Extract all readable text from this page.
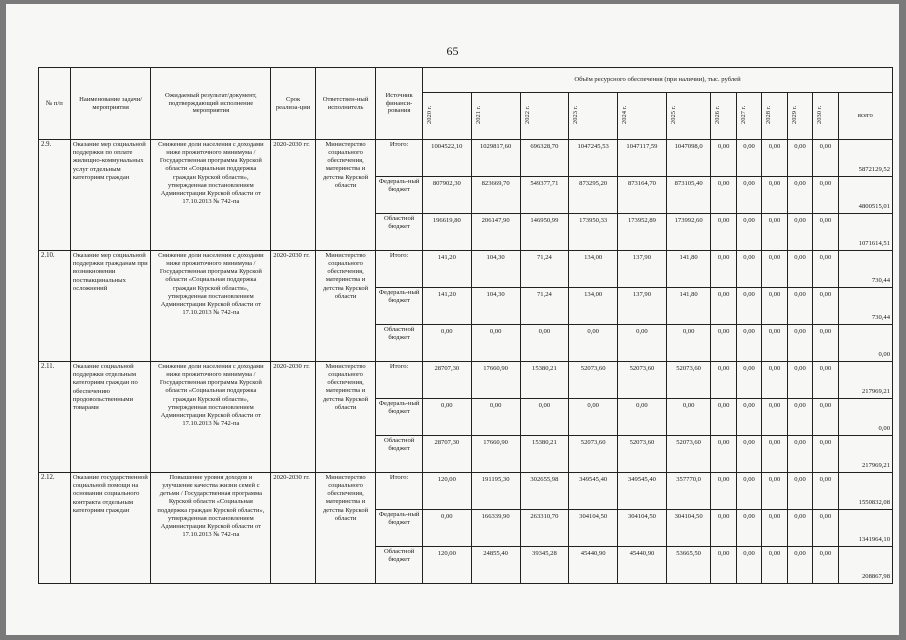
65
№ п/п	Наименование задачи/мероприятия	Ожидаемый результат/документ, подтверждающий исполнение мероприятия	Срок реализа-ции	Ответствен-ный исполнитель	Источник финанси-рования	Объём ресурсного обеспечения (при наличии), тыс. рублей											

						2020 г.	2021 г.	2022 г.	2023 г.	2024 г.	2025 г.	2026 г.	2027 г.	2028 г.	2029 г.	2030 г.	всего
2.9.	Оказание мер социальной поддержки по оплате жилищно-коммунальных услуг отдельным категориям граждан	Снижение доли населения с доходами ниже прожиточного минимума / Государственная программа Курской области «Социальная поддержка граждан Курской области», утвержденная постановлением Администрации Курской области от 17.10.2013 № 742-па	2020-2030 гг.	Министерство социального обеспечения, материнства и детства Курской области	Итого:	1004522,10	1029817,60	696328,70	1047245,53	1047117,59	1047098,0	0,00	0,00	0,00	0,00	0,00	5872129,52
					Федераль-ный бюджет	807902,30	823669,70	549377,71	873295,20	873164,70	873105,40	0,00	0,00	0,00	0,00	0,00	4800515,01
					Областной бюджет	196619,80	206147,90	146950,99	173950,33	173952,89	173992,60	0,00	0,00	0,00	0,00	0,00	1071614,51
2.10.	Оказание мер социальной поддержки гражданам при возникновении поствакцинальных осложнений	Снижение доли населения с доходами ниже прожиточного минимума / Государственная программа Курской области «Социальная поддержка граждан Курской области», утвержденная постановлением Администрации Курской области от 17.10.2013 № 742-па	2020-2030 гг.	Министерство социального обеспечения, материнства и детства Курской области	Итого:	141,20	104,30	71,24	134,00	137,90	141,80	0,00	0,00	0,00	0,00	0,00	730,44
					Федераль-ный бюджет	141,20	104,30	71,24	134,00	137,90	141,80	0,00	0,00	0,00	0,00	0,00	730,44
					Областной бюджет	0,00	0,00	0,00	0,00	0,00	0,00	0,00	0,00	0,00	0,00	0,00	0,00
2.11.	Оказание социальной поддержки отдельным категориям граждан по обеспечению продовольственными товарами	Снижение доли населения с доходами ниже прожиточного минимума / Государственная программа Курской области «Социальная поддержка граждан Курской области», утвержденная постановлением Администрации Курской области от 17.10.2013 № 742-па	2020-2030 гг.	Министерство социального обеспечения, материнства и детства Курской области	Итого:	28707,30	17660,90	15380,21	52073,60	52073,60	52073,60	0,00	0,00	0,00	0,00	0,00	217969,21
					Федераль-ный бюджет	0,00	0,00	0,00	0,00	0,00	0,00	0,00	0,00	0,00	0,00	0,00	0,00
					Областной бюджет	28707,30	17660,90	15380,21	52073,60	52073,60	52073,60	0,00	0,00	0,00	0,00	0,00	217969,21
2.12.	Оказание государственной социальной помощи на основании социального контракта отдельным категориям граждан	Повышение уровня доходов и улучшение качества жизни семей с детьми / Государственная программа Курской области «Социальная поддержка граждан Курской области», утвержденная постановлением Администрации Курской области от 17.10.2013 № 742-па	2020-2030 гг.	Министерство социального обеспечения, материнства и детства Курской области	Итого:	120,00	191195,30	302655,98	349545,40	349545,40	357770,0	0,00	0,00	0,00	0,00	0,00	1550832,08
					Федераль-ный бюджет	0,00	166339,90	263310,70	304104,50	304104,50	304104,50	0,00	0,00	0,00	0,00	0,00	1341964,10
					Областной бюджет	120,00	24855,40	39345,28	45440,90	45440,90	53665,50	0,00	0,00	0,00	0,00	0,00	208867,98
